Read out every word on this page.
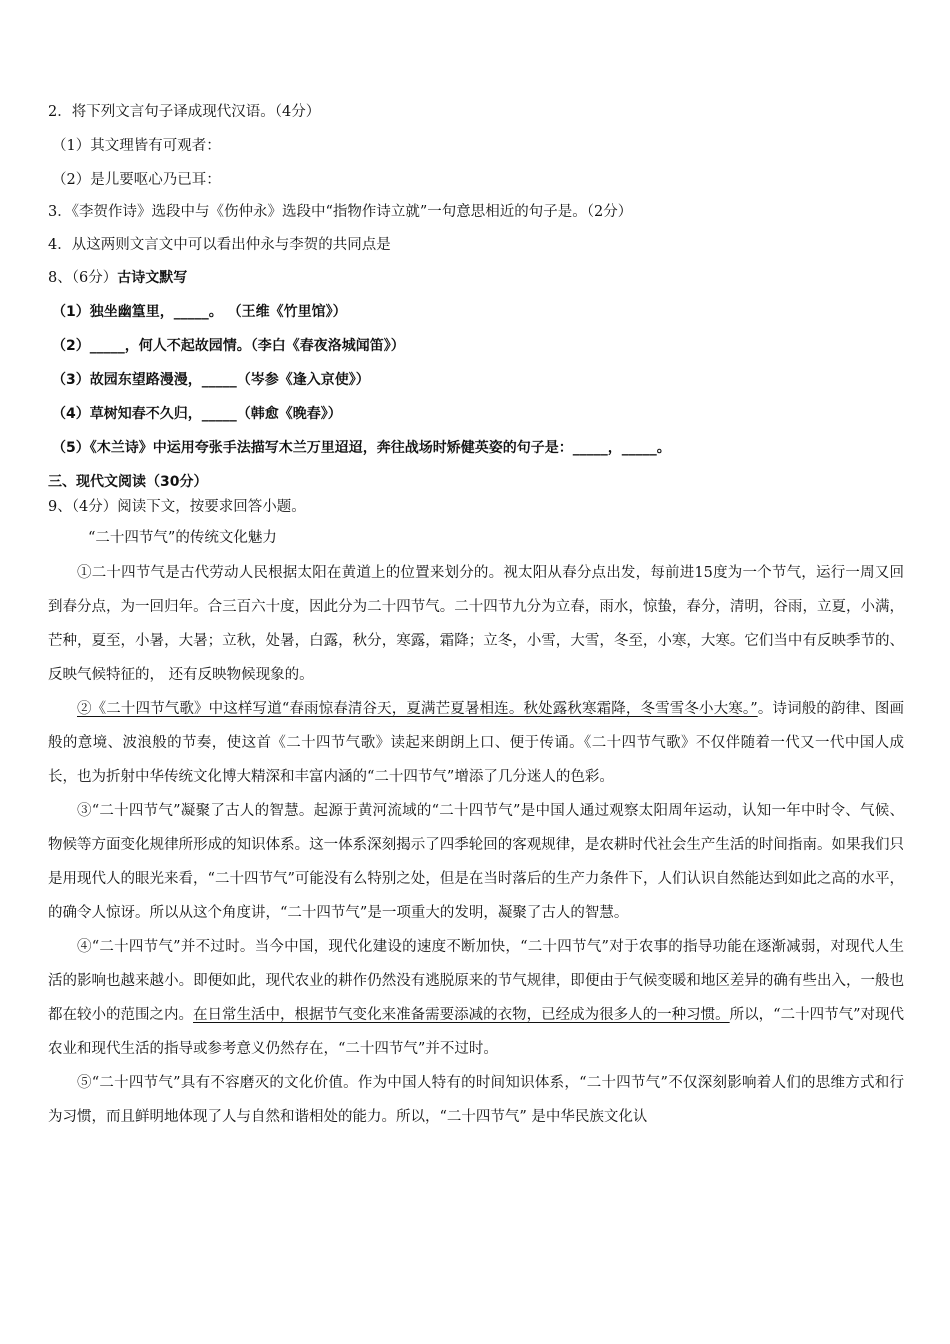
2．将下列文言句子译成现代汉语。（4分）
（1）其文理皆有可观者：
（2）是儿要呕心乃已耳：
3．《李贺作诗》选段中与《伤仲永》选段中“指物作诗立就”一句意思相近的句子是。（2分）
4．从这两则文言文中可以看出仲永与李贺的共同点是
8、（6分）古诗文默写
（1）独坐幽篁里，_____。 （王维《竹里馆》）
（2）_____，何人不起故园情。（李白《春夜洛城闻笛》）
（3）故园东望路漫漫，_____（岑参《逢入京使》）
（4）草树知春不久归，_____（韩愈《晚春》）
（5）《木兰诗》中运用夸张手法描写木兰万里迢迢，奔往战场时矫健英姿的句子是：_____，_____。
三、现代文阅读（30分）
9、（4分）阅读下文，按要求回答小题。
“二十四节气”的传统文化魅力

①二十四节气是古代劳动人民根据太阳在黄道上的位置来划分的。视太阳从春分点出发，每前进15度为一个节气，运行一周又回到春分点，为一回归年。合三百六十度，因此分为二十四节气。二十四节九分为立春，雨水，惊蛰，春分，清明，谷雨，立夏，小满，芒种，夏至，小暑，大暑；立秋，处暑，白露，秋分，寒露，霜降；立冬，小雪，大雪，冬至，小寒，大寒。它们当中有反映季节的、反映气候特征的， 还有反映物候现象的。

②《二十四节气歌》中这样写道“春雨惊春清谷天，夏满芒夏暑相连。秋处露秋寒霜降，冬雪雪冬小大寒。”。诗词般的韵律、图画般的意境、波浪般的节奏，使这首《二十四节气歌》读起来朗朗上口、便于传诵。《二十四节气歌》不仅伴随着一代又一代中国人成长，也为折射中华传统文化博大精深和丰富内涵的“二十四节气”增添了几分迷人的色彩。

③“二十四节气”凝聚了古人的智慧。起源于黄河流域的“二十四节气”是中国人通过观察太阳周年运动，认知一年中时令、气候、物候等方面变化规律所形成的知识体系。这一体系深刻揭示了四季轮回的客观规律，是农耕时代社会生产生活的时间指南。如果我们只是用现代人的眼光来看，“二十四节气”可能没有么特别之处，但是在当时落后的生产力条件下，人们认识自然能达到如此之高的水平，的确令人惊讶。所以从这个角度讲，“二十四节气”是一项重大的发明，凝聚了古人的智慧。

④“二十四节气”并不过时。当今中国，现代化建设的速度不断加快，“二十四节气”对于农事的指导功能在逐渐减弱，对现代人生活的影响也越来越小。即便如此，现代农业的耕作仍然没有逃脱原来的节气规律，即便由于气候变暖和地区差异的确有些出入，一般也都在较小的范围之内。在日常生活中，根据节气变化来准备需要添减的衣物，已经成为很多人的一种习惯。所以，“二十四节气”对现代农业和现代生活的指导或参考意义仍然存在，“二十四节气”并不过时。

⑤“二十四节气”具有不容磨灭的文化价值。作为中国人特有的时间知识体系，“二十四节气”不仅深刻影响着人们的思维方式和行为习惯，而且鲜明地体现了人与自然和谐相处的能力。所以，“二十四节气” 是中华民族文化认
